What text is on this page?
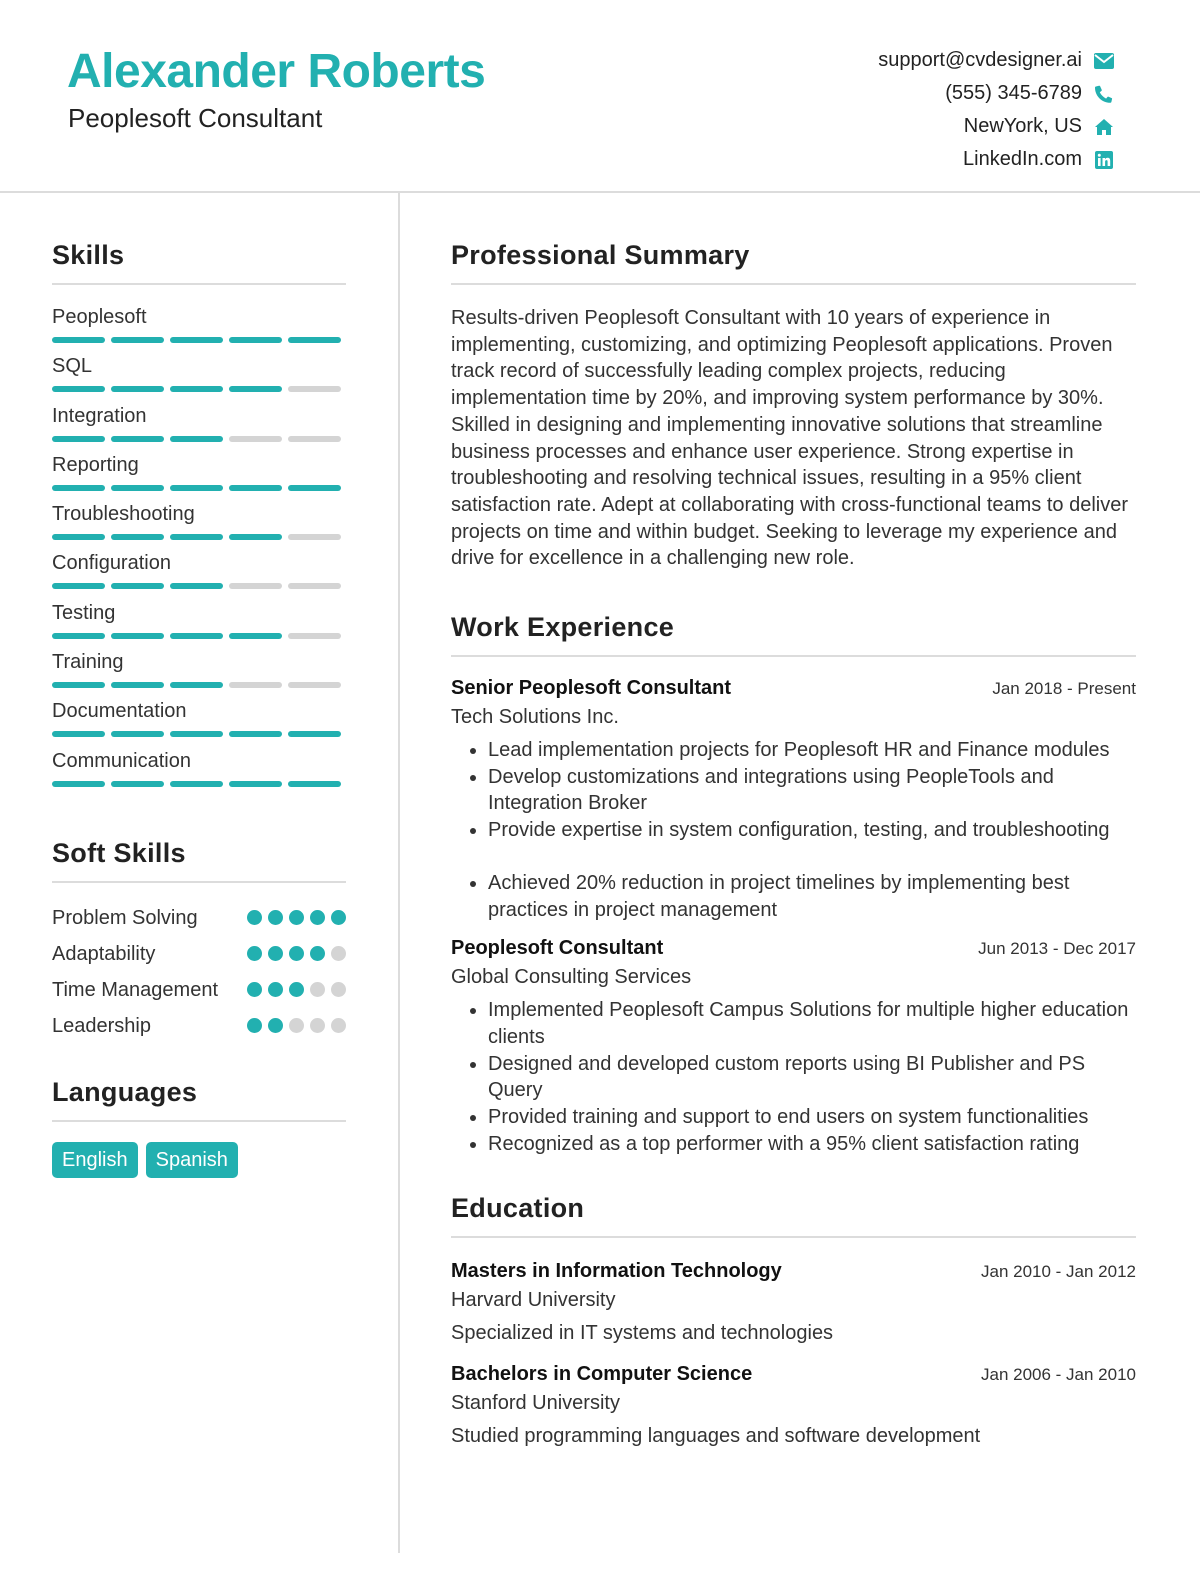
Alexander Roberts
Peoplesoft Consultant
support@cvdesigner.ai
(555) 345-6789
NewYork, US
LinkedIn.com
Skills
Peoplesoft
SQL
Integration
Reporting
Troubleshooting
Configuration
Testing
Training
Documentation
Communication
Soft Skills
Problem Solving
Adaptability
Time Management
Leadership
Languages
English	Spanish
Professional Summary

Results-driven Peoplesoft Consultant with 10 years of experience in implementing, customizing, and optimizing Peoplesoft applications. Proven track record of successfully leading complex projects, reducing implementation time by 20%, and improving system performance by 30%. Skilled in designing and implementing innovative solutions that streamline business processes and enhance user experience. Strong expertise in troubleshooting and resolving technical issues, resulting in a 95% client satisfaction rate. Adept at collaborating with cross-functional teams to deliver projects on time and within budget. Seeking to leverage my experience and drive for excellence in a challenging new role.

Work Experience
Senior Peoplesoft Consultant	Jan 2018 - Present
Tech Solutions Inc.
• Lead implementation projects for Peoplesoft HR and Finance modules
• Develop customizations and integrations using PeopleTools and Integration Broker
• Provide expertise in system configuration, testing, and troubleshooting
• Achieved 20% reduction in project timelines by implementing best practices in project management
Peoplesoft Consultant	Jun 2013 - Dec 2017
Global Consulting Services
• Implemented Peoplesoft Campus Solutions for multiple higher education clients
• Designed and developed custom reports using BI Publisher and PS Query
• Provided training and support to end users on system functionalities
• Recognized as a top performer with a 95% client satisfaction rating
Education
Masters in Information Technology	Jan 2010 - Jan 2012
Harvard University
Specialized in IT systems and technologies
Bachelors in Computer Science	Jan 2006 - Jan 2010
Stanford University
Studied programming languages and software development
